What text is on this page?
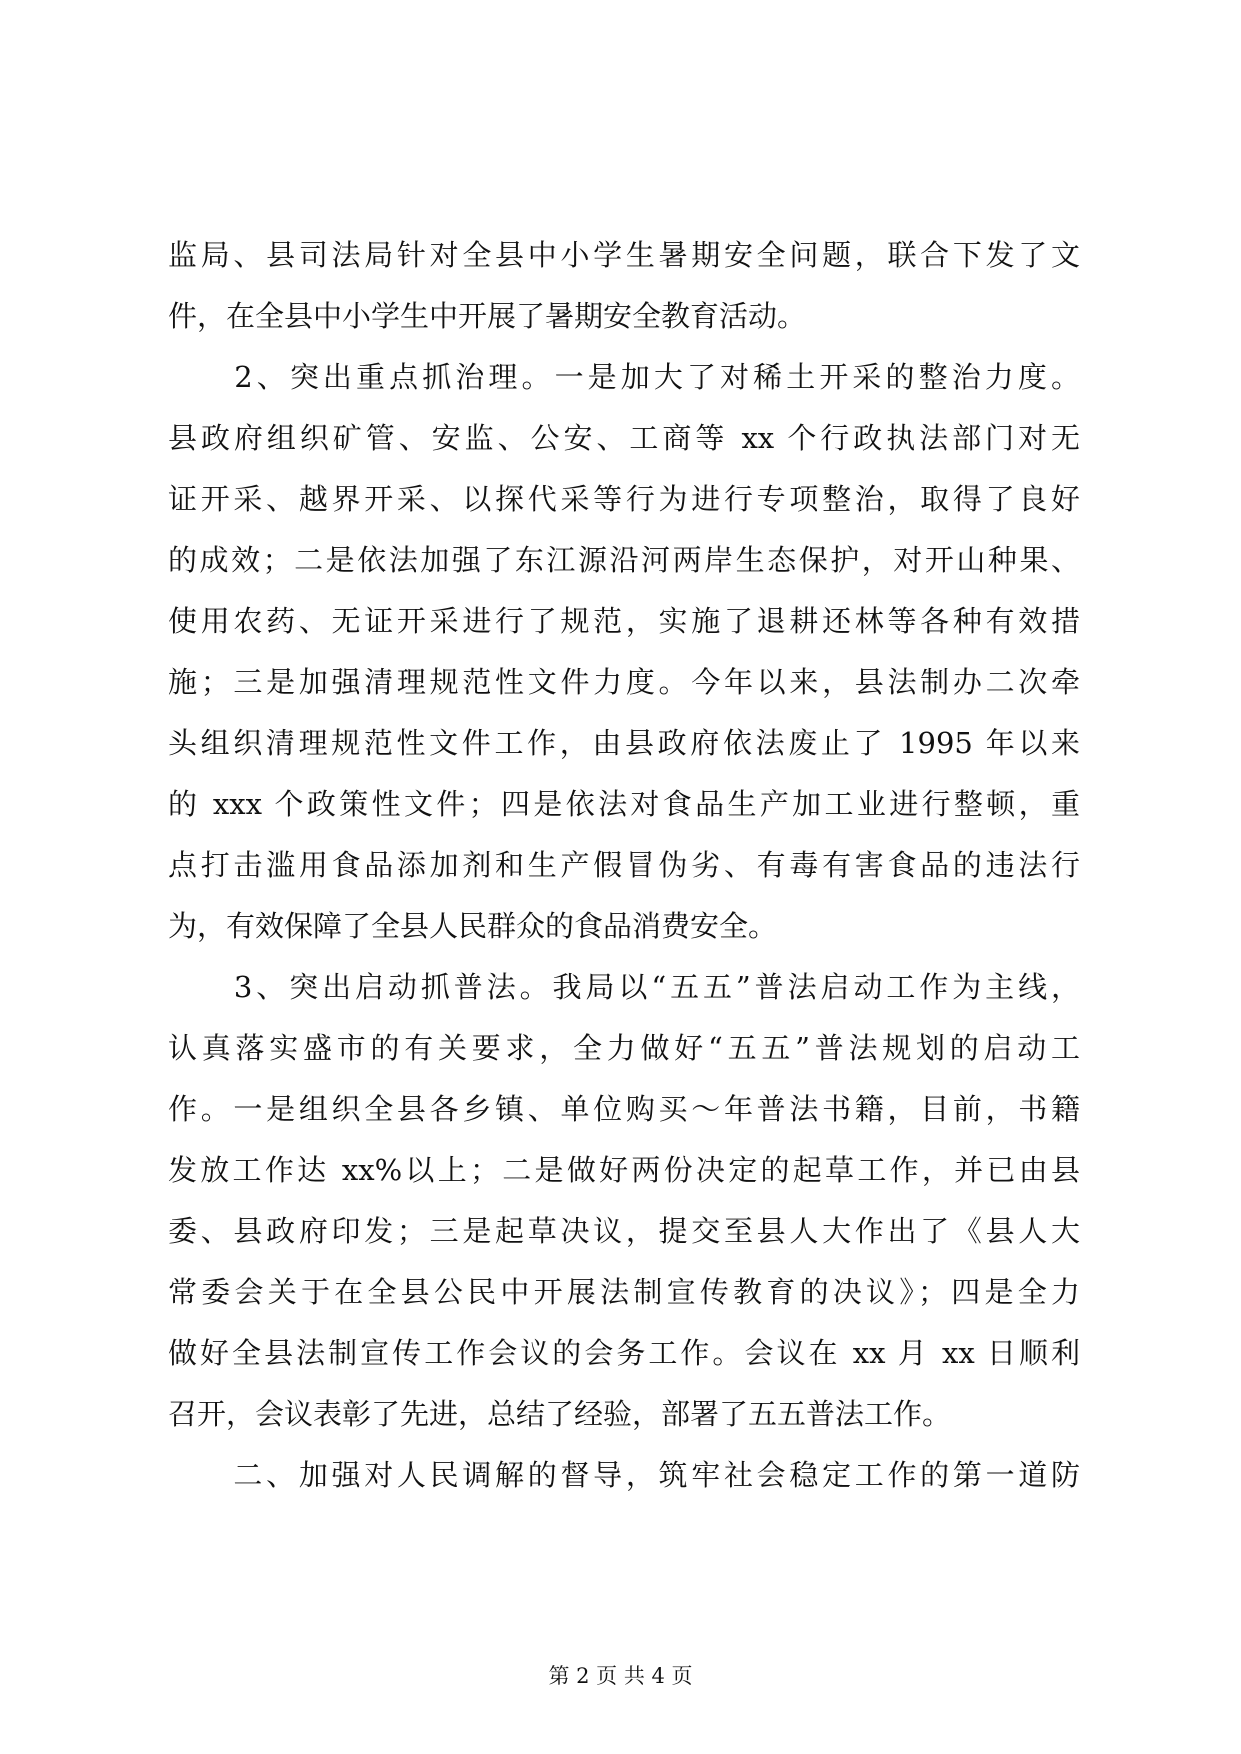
监局、县司法局针对全县中小学生暑期安全问题，联合下发了文
件，在全县中小学生中开展了暑期安全教育活动。
　　2、突出重点抓治理。一是加大了对稀土开采的整治力度。
县政府组织矿管、安监、公安、工商等 xx 个行政执法部门对无
证开采、越界开采、以探代采等行为进行专项整治，取得了良好
的成效；二是依法加强了东江源沿河两岸生态保护，对开山种果、
使用农药、无证开采进行了规范，实施了退耕还林等各种有效措
施；三是加强清理规范性文件力度。今年以来，县法制办二次牵
头组织清理规范性文件工作，由县政府依法废止了 1995 年以来
的 xxx 个政策性文件；四是依法对食品生产加工业进行整顿，重
点打击滥用食品添加剂和生产假冒伪劣、有毒有害食品的违法行
为，有效保障了全县人民群众的食品消费安全。
　　3、突出启动抓普法。我局以“五五”普法启动工作为主线，
认真落实盛市的有关要求，全力做好“五五”普法规划的启动工
作。一是组织全县各乡镇、单位购买～年普法书籍，目前，书籍
发放工作达 xx%以上；二是做好两份决定的起草工作，并已由县
委、县政府印发；三是起草决议，提交至县人大作出了《县人大
常委会关于在全县公民中开展法制宣传教育的决议》；四是全力
做好全县法制宣传工作会议的会务工作。会议在 xx 月 xx 日顺利
召开，会议表彰了先进，总结了经验，部署了五五普法工作。
　　二、加强对人民调解的督导，筑牢社会稳定工作的第一道防
第 2 页 共 4 页
